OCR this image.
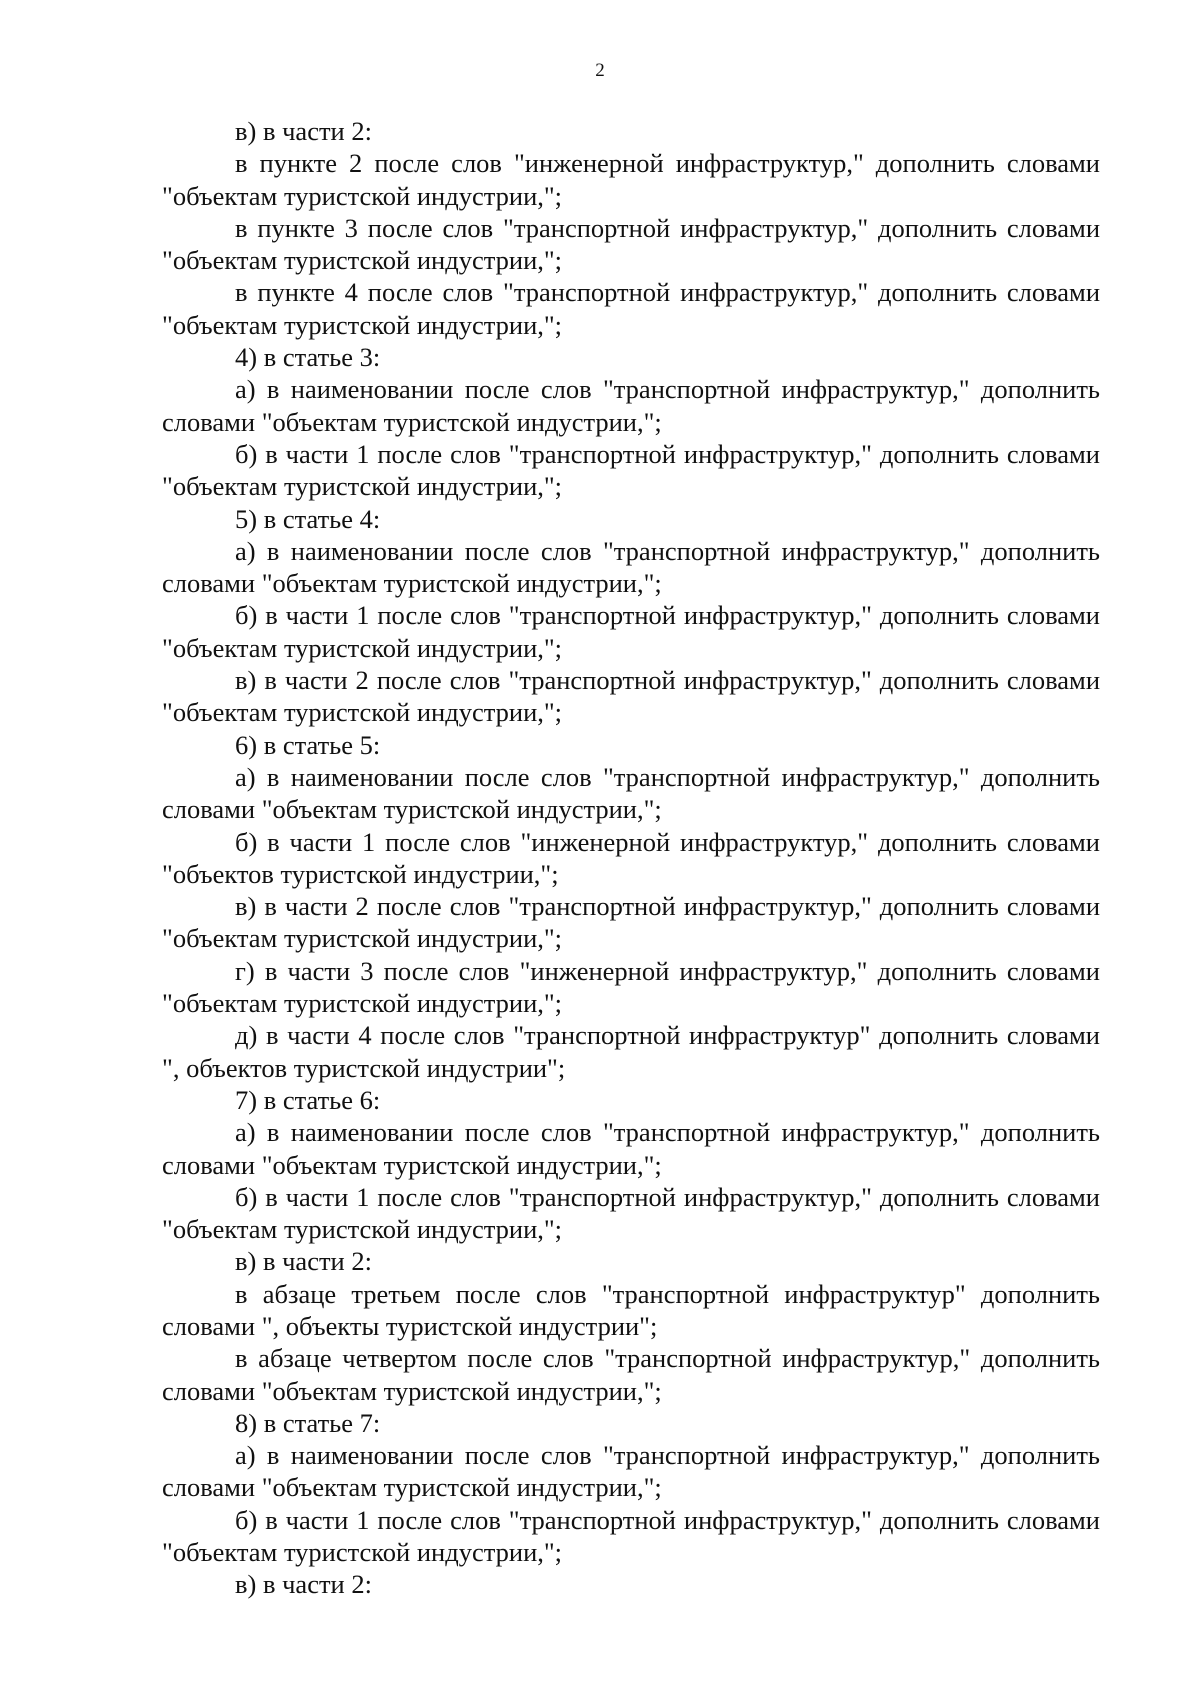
2

в) в части 2:

в пункте 2 после слов "инженерной инфраструктур," дополнить словами "объектам туристской индустрии,";

в пункте 3 после слов "транспортной инфраструктур," дополнить словами "объектам туристской индустрии,";

в пункте 4 после слов "транспортной инфраструктур," дополнить словами "объектам туристской индустрии,";

4) в статье 3:

а) в наименовании после слов "транспортной инфраструктур," дополнить словами "объектам туристской индустрии,";

б) в части 1 после слов "транспортной инфраструктур," дополнить словами "объектам туристской индустрии,";

5) в статье 4:

а) в наименовании после слов "транспортной инфраструктур," дополнить словами "объектам туристской индустрии,";

б) в части 1 после слов "транспортной инфраструктур," дополнить словами "объектам туристской индустрии,";

в) в части 2 после слов "транспортной инфраструктур," дополнить словами "объектам туристской индустрии,";

6) в статье 5:

а) в наименовании после слов "транспортной инфраструктур," дополнить словами "объектам туристской индустрии,";

б) в части 1 после слов "инженерной инфраструктур," дополнить словами "объектов туристской индустрии,";

в) в части 2 после слов "транспортной инфраструктур," дополнить словами "объектам туристской индустрии,";

г) в части 3 после слов "инженерной инфраструктур," дополнить словами "объектам туристской индустрии,";

д) в части 4 после слов "транспортной инфраструктур" дополнить словами ", объектов туристской индустрии";

7) в статье 6:

а) в наименовании после слов "транспортной инфраструктур," дополнить словами "объектам туристской индустрии,";

б) в части 1 после слов "транспортной инфраструктур," дополнить словами "объектам туристской индустрии,";

в) в части 2:

в абзаце третьем после слов "транспортной инфраструктур" дополнить словами ", объекты туристской индустрии";

в абзаце четвертом после слов "транспортной инфраструктур," дополнить словами "объектам туристской индустрии,";

8) в статье 7:

а) в наименовании после слов "транспортной инфраструктур," дополнить словами "объектам туристской индустрии,";

б) в части 1 после слов "транспортной инфраструктур," дополнить словами "объектам туристской индустрии,";

в) в части 2:
